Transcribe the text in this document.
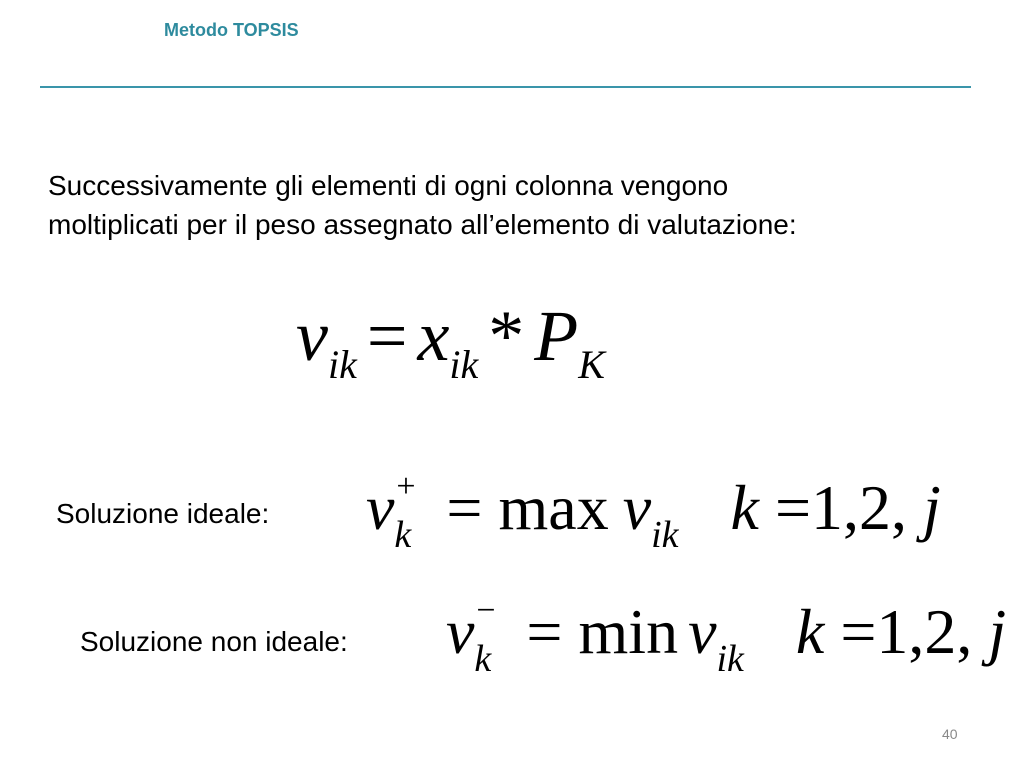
Metodo TOPSIS
Successivamente gli elementi di ogni colonna vengono
moltiplicati per il peso assegnato all’elemento di valutazione:
$v_{ik} = x_{ik} * P_K$
Soluzione ideale: v +
$k = \max v_{ik}$ k =1,2, j
Soluzione non ideale: v −
$k = \min v_{ik}$ k =1,2, j
40
